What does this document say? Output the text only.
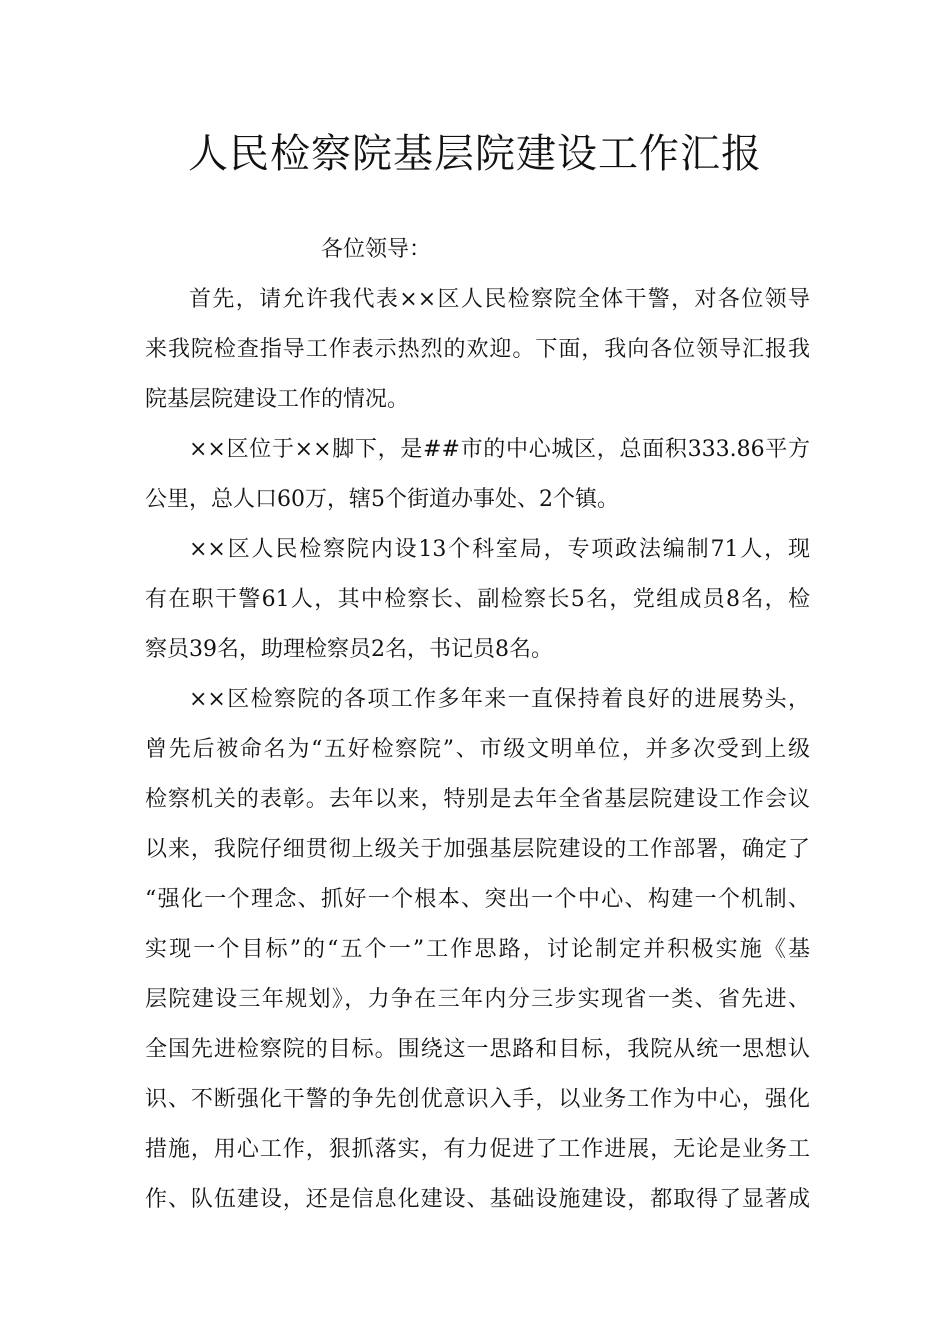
人民检察院基层院建设工作汇报

各位领导：

首先，请允许我代表××区人民检察院全体干警，对各位领导

来我院检查指导工作表示热烈的欢迎。下面，我向各位领导汇报我

院基层院建设工作的情况。

××区位于××脚下，是##市的中心城区，总面积333.86平方

公里，总人口60万，辖5个街道办事处、2个镇。

××区人民检察院内设13个科室局，专项政法编制71人，现

有在职干警61人，其中检察长、副检察长5名，党组成员8名，检

察员39名，助理检察员2名，书记员8名。

××区检察院的各项工作多年来一直保持着良好的进展势头，

曾先后被命名为“五好检察院”、市级文明单位，并多次受到上级

检察机关的表彰。去年以来，特别是去年全省基层院建设工作会议

以来，我院仔细贯彻上级关于加强基层院建设的工作部署，确定了

“强化一个理念、抓好一个根本、突出一个中心、构建一个机制、

实现一个目标”的“五个一”工作思路，讨论制定并积极实施《基

层院建设三年规划》，力争在三年内分三步实现省一类、省先进、

全国先进检察院的目标。围绕这一思路和目标，我院从统一思想认

识、不断强化干警的争先创优意识入手，以业务工作为中心，强化

措施，用心工作，狠抓落实，有力促进了工作进展，无论是业务工

作、队伍建设，还是信息化建设、基础设施建设，都取得了显著成
